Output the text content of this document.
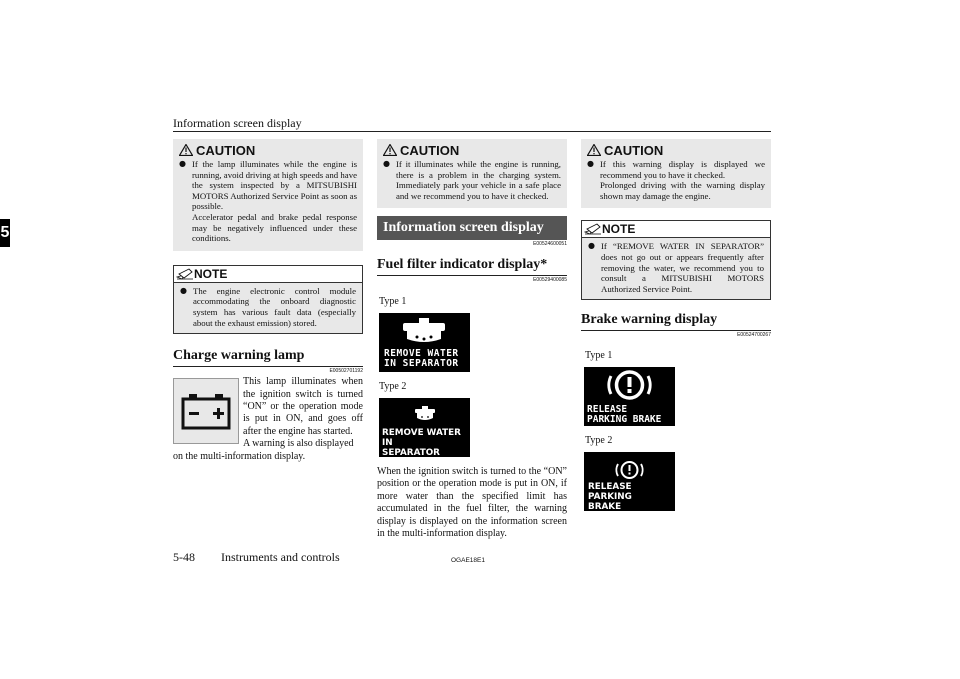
Information screen display
5
CAUTION
● If the lamp illuminates while the engine is running, avoid driving at high speeds and have the system inspected by a MITSUBISHI MOTORS Authorized Service Point as soon as possible.

Accelerator pedal and brake pedal response may be negatively influenced under these conditions.

NOTE
● The engine electronic control module accommodating the onboard diagnostic system has various fault data (especially about the exhaust emission) stored.

Charge warning lamp
E00502701192

This lamp illuminates when the ignition switch is turned “ON” or the operation mode is put in ON, and goes off after the engine has started.

A warning is also displayed

on the multi-information display.

CAUTION
● If it illuminates while the engine is running, there is a problem in the charging system. Immediately park your vehicle in a safe place and we recommend you to have it checked.

Information screen display
E00524600051
Fuel filter indicator display*
E00529400085
Type 1
REMOVE WATER
IN SEPARATOR
Type 2
REMOVE WATER IN
SEPARATOR

When the ignition switch is turned to the “ON” position or the operation mode is put in ON, if more water than the specified limit has accumulated in the fuel filter, the warning display is displayed on the information screen in the multi-information display.

CAUTION
● If this warning display is displayed we recommend you to have it checked.

Prolonged driving with the warning display shown may damage the engine.

NOTE
● If “REMOVE WATER IN SEPARATOR” does not go out or appears frequently after removing the water, we recommend you to consult a MITSUBISHI MOTORS Authorized Service Point.

Brake warning display
E00524700267
Type 1
RELEASE
PARKING BRAKE
Type 2
RELEASE PARKING
BRAKE
5-48 Instruments and controls	OGAE18E1
